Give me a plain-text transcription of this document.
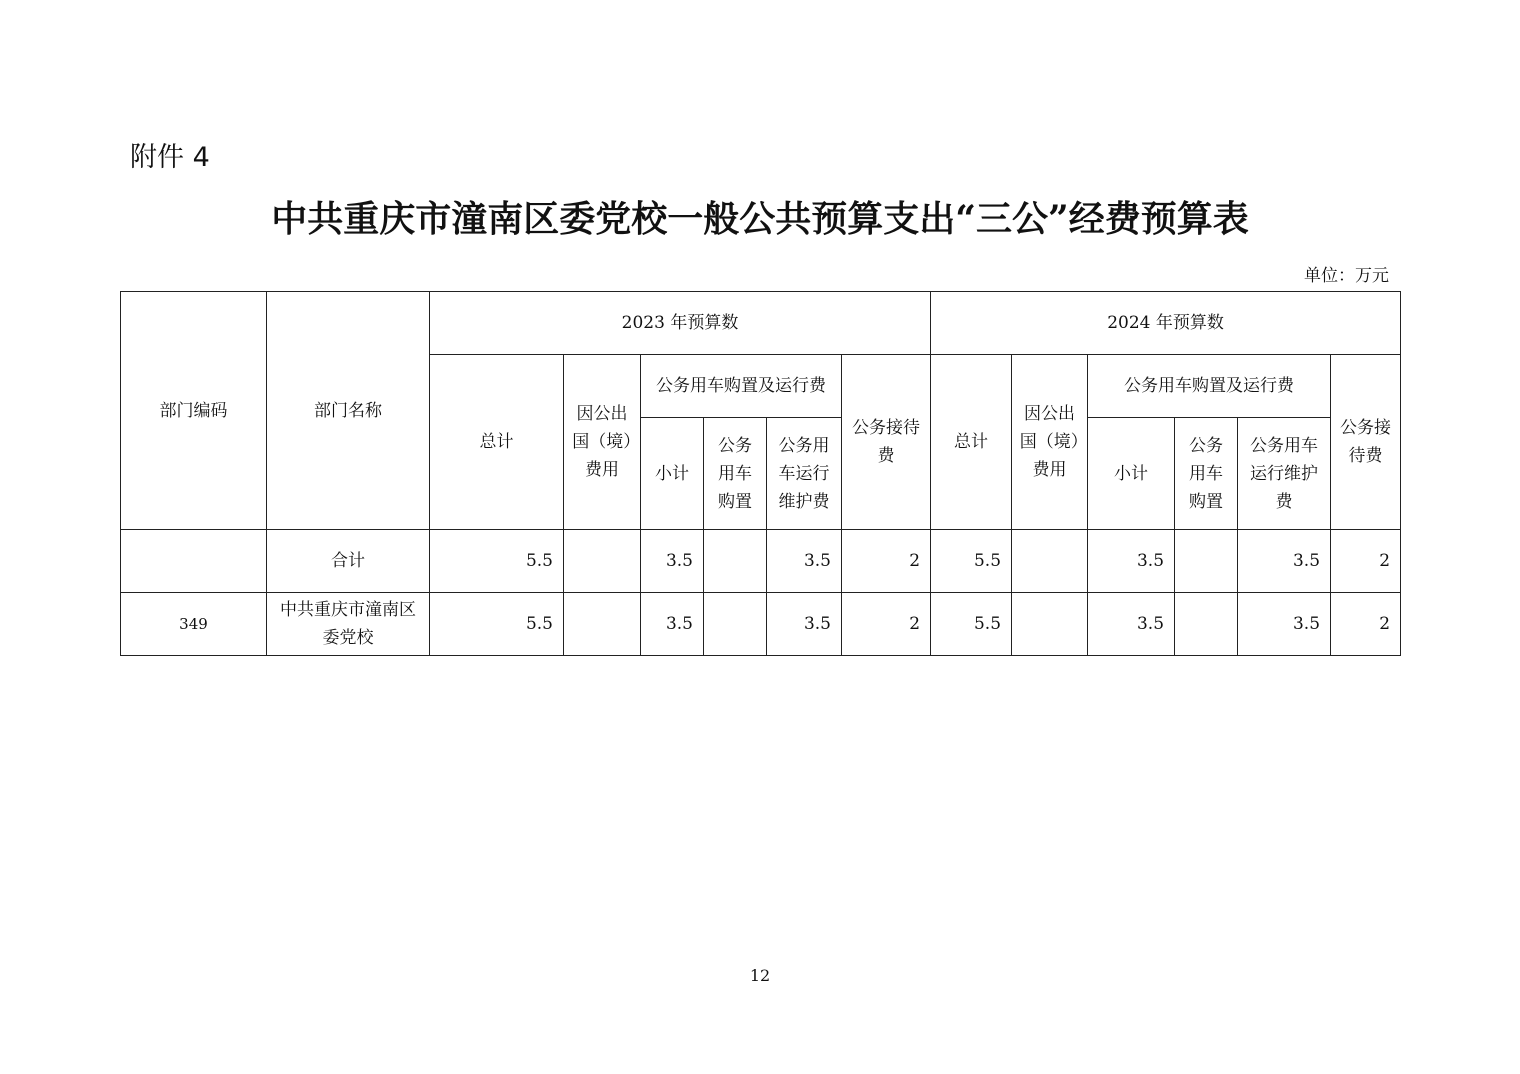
附件 4
中共重庆市潼南区委党校一般公共预算支出“三公”经费预算表
单位：万元
部门编码	部门名称	2023 年预算数						2024 年预算数					
		总计	因公出国（境）费用	公务用车购置及运行费			公务接待费	总计	因公出国（境）费用	公务用车购置及运行费			公务接待费
				小计	公务用车购置	公务用车运行维护费				小计	公务用车购置	公务用车运行维护费	
	合计	5.5		3.5		3.5	2	5.5		3.5		3.5	2
349	中共重庆市潼南区委党校	5.5		3.5		3.5	2	5.5		3.5		3.5	2
12
